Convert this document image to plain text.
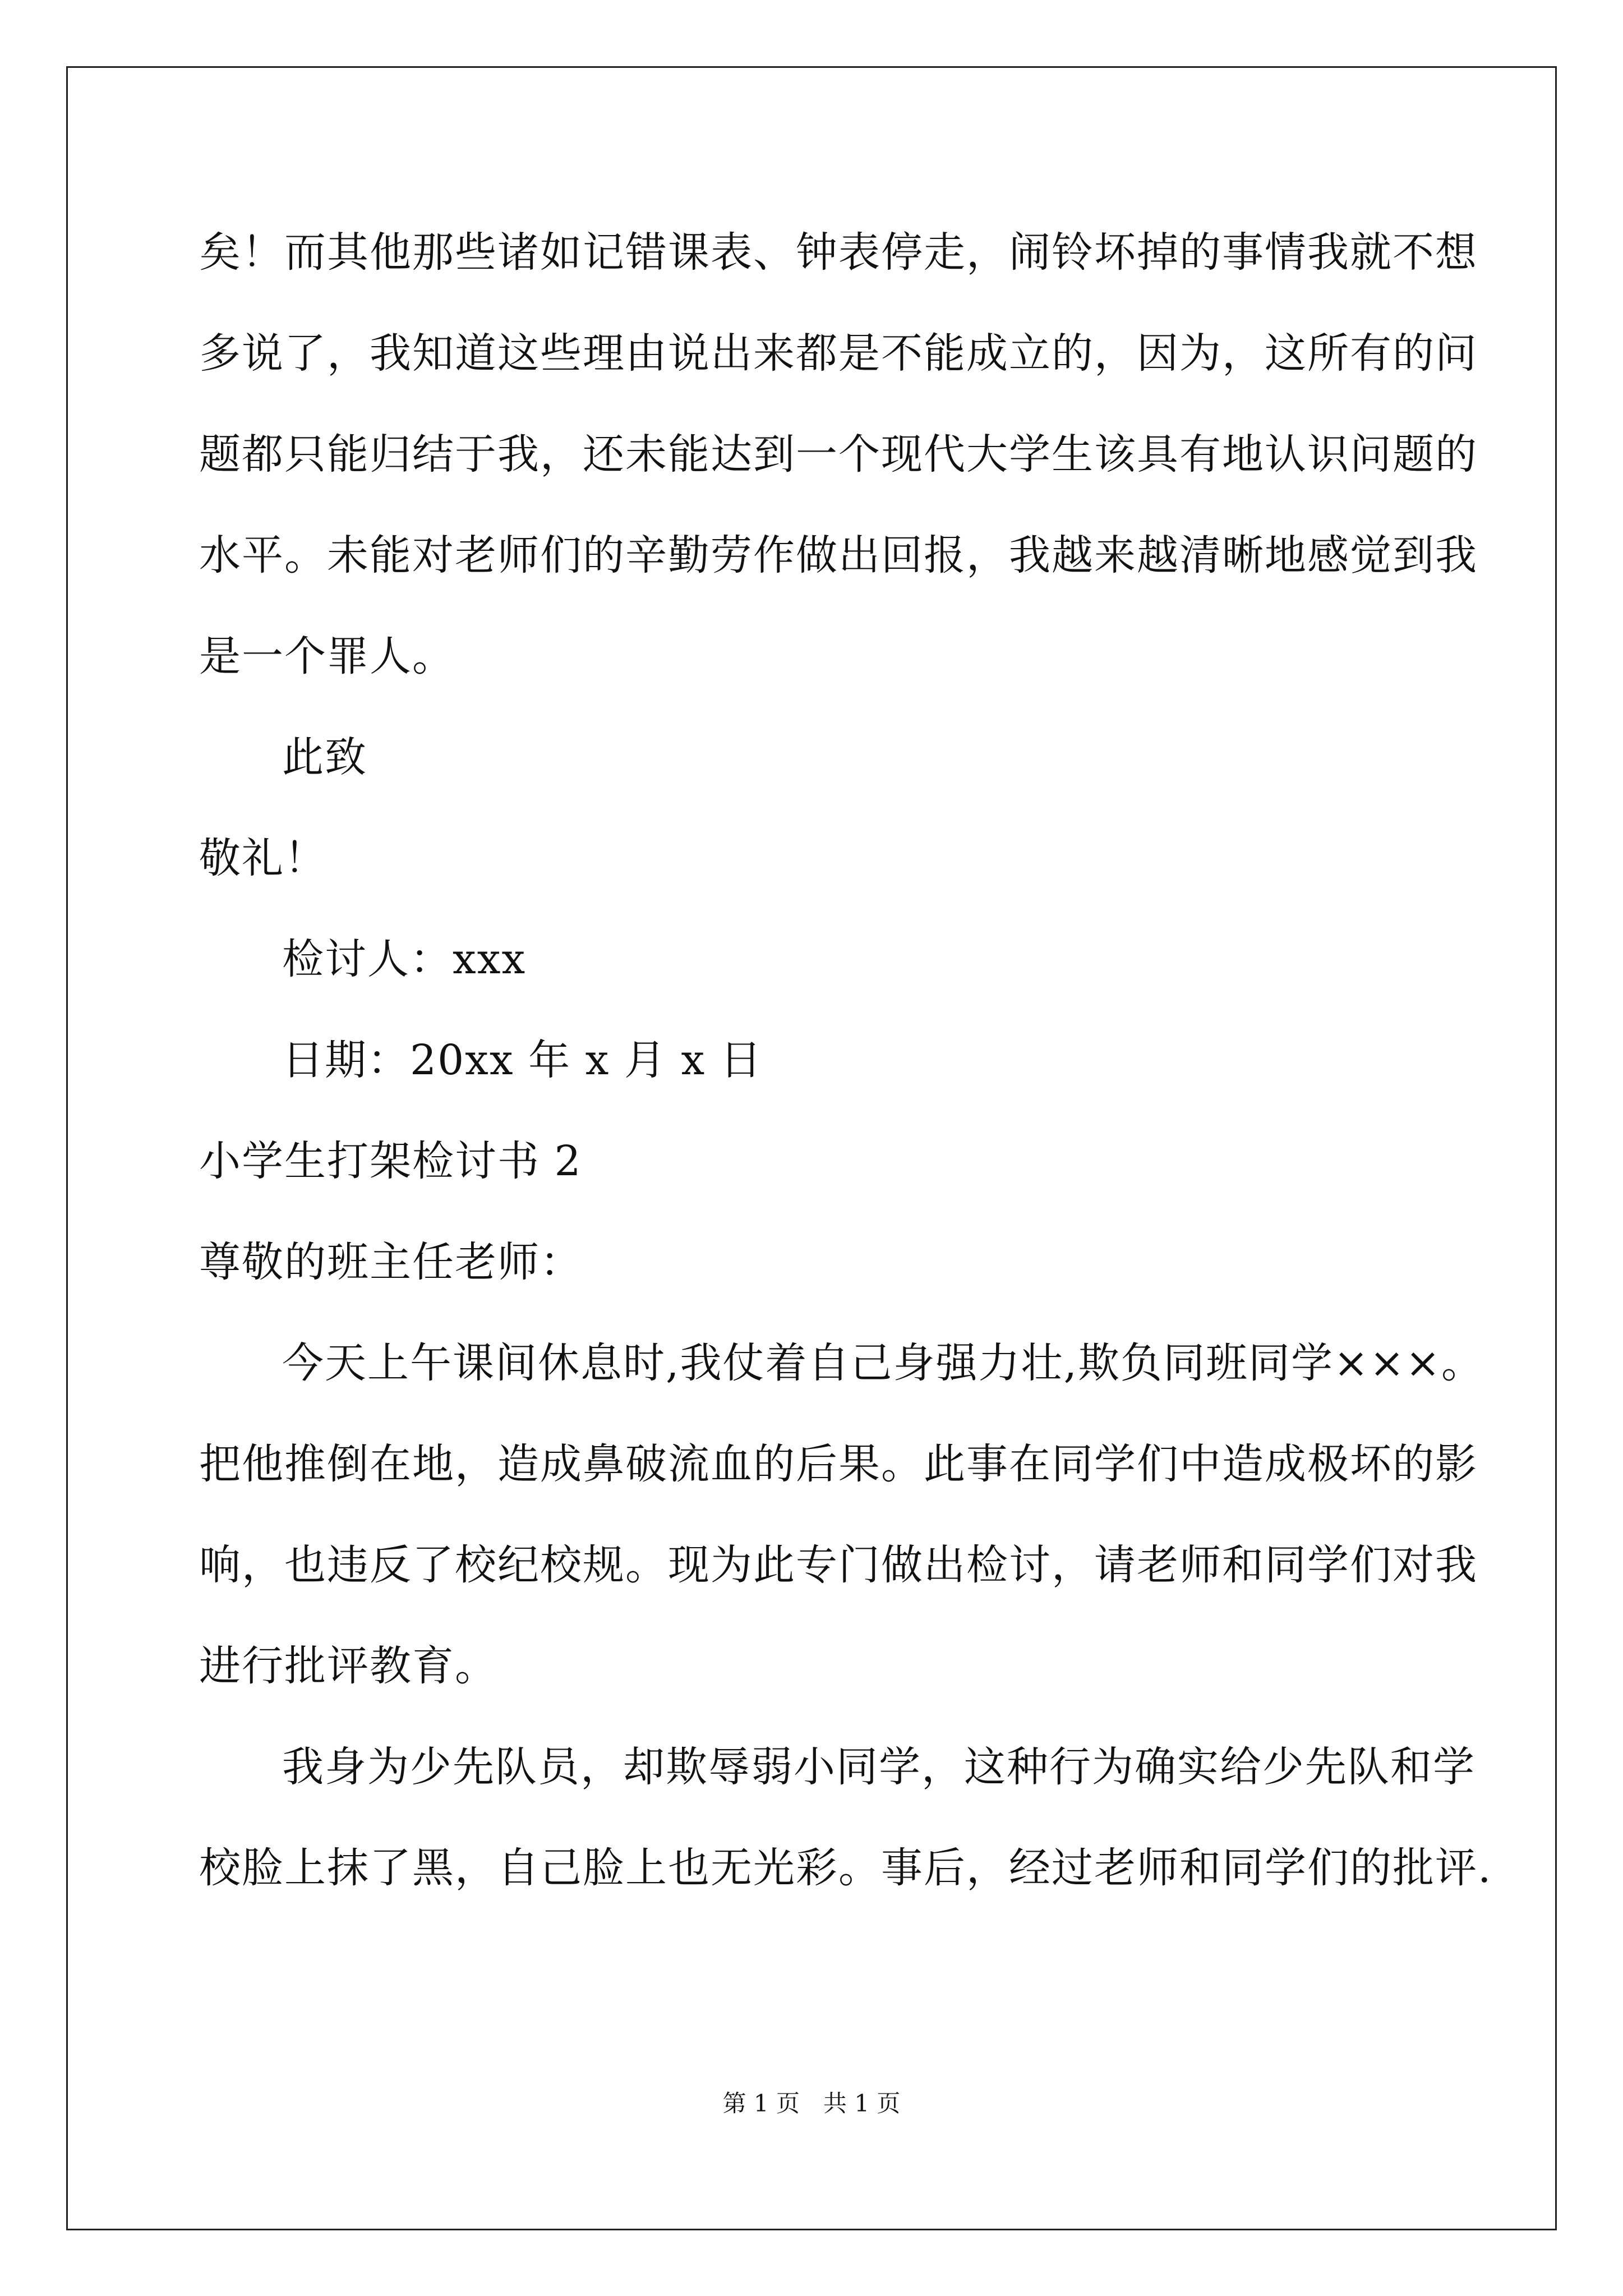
矣！而其他那些诸如记错课表、钟表停走，闹铃坏掉的事情我就不想
多说了，我知道这些理由说出来都是不能成立的，因为，这所有的问
题都只能归结于我，还未能达到一个现代大学生该具有地认识问题的
水平。未能对老师们的辛勤劳作做出回报，我越来越清晰地感觉到我
是一个罪人。
此致
敬礼！
检讨人：xxx
日期：20xx 年 x 月 x 日
小学生打架检讨书 2
尊敬的班主任老师：
今天上午课间休息时,我仗着自己身强力壮,欺负同班同学×××。
把他推倒在地，造成鼻破流血的后果。此事在同学们中造成极坏的影
响，也违反了校纪校规。现为此专门做出检讨，请老师和同学们对我
进行批评教育。
我身为少先队员，却欺辱弱小同学，这种行为确实给少先队和学
校脸上抹了黑，自己脸上也无光彩。事后，经过老师和同学们的批评.
第 1 页　共 1 页
